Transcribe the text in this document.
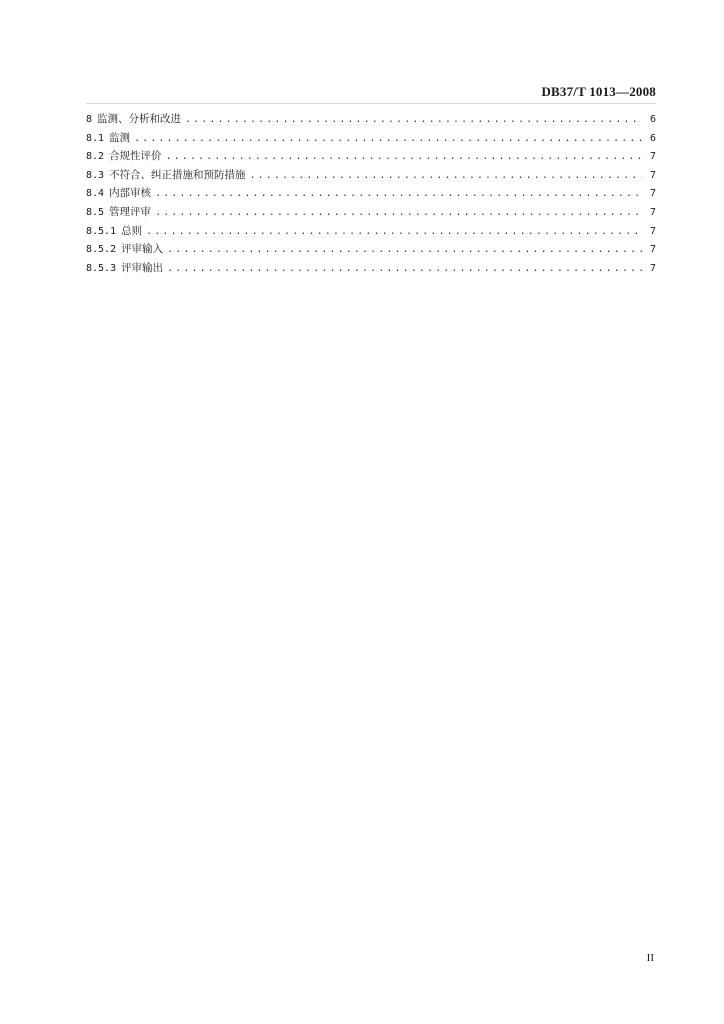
DB37/T 1013—2008
8 监测、分析和改进 .....	6
8.1 监测 .....	6
8.2 合规性评价 .....	7
8.3 不符合、纠正措施和预防措施 .....	7
8.4 内部审核 .....	7
8.5 管理评审 .....	7
8.5.1 总则 .....	7
8.5.2 评审输入 .....	7
8.5.3 评审输出 .....	7
II
